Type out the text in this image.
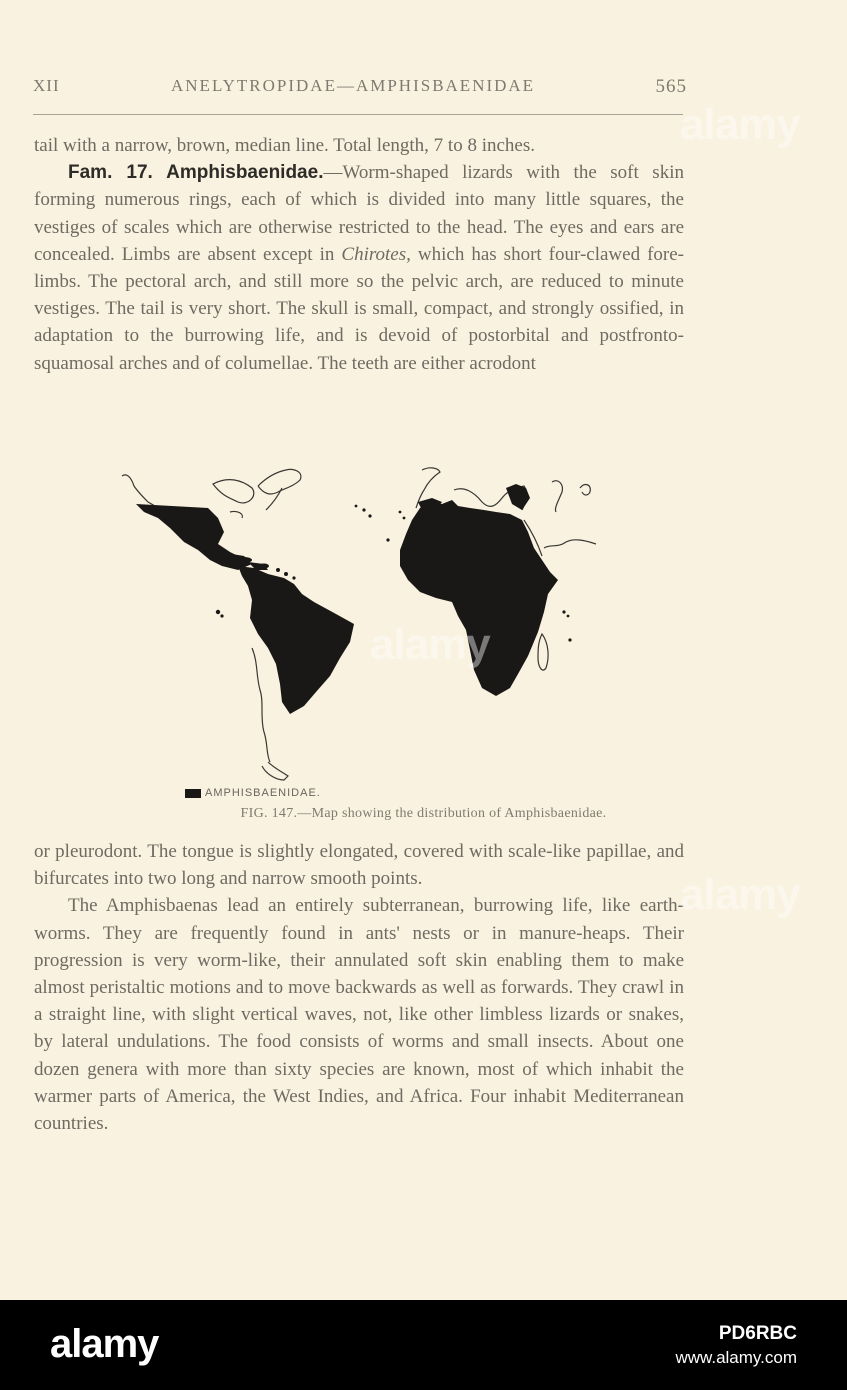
XII	ANELYTROPIDAE—AMPHISBAENIDAE	565

tail with a narrow, brown, median line. Total length, 7 to 8 inches.

Fam. 17. Amphisbaenidae.—Worm-shaped lizards with the soft skin forming numerous rings, each of which is divided into many little squares, the vestiges of scales which are otherwise restricted to the head. The eyes and ears are concealed. Limbs are absent except in Chirotes, which has short four-clawed fore-limbs. The pectoral arch, and still more so the pelvic arch, are reduced to minute vestiges. The tail is very short. The skull is small, compact, and strongly ossified, in adaptation to the burrowing life, and is devoid of postorbital and postfronto-squamosal arches and of columellae. The teeth are either acrodont

AMPHISBAENIDAE.
FIG. 147.—Map showing the distribution of Amphisbaenidae.

or pleurodont. The tongue is slightly elongated, covered with scale-like papillae, and bifurcates into two long and narrow smooth points.

The Amphisbaenas lead an entirely subterranean, burrowing life, like earth-worms. They are frequently found in ants' nests or in manure-heaps. Their progression is very worm-like, their annulated soft skin enabling them to make almost peristaltic motions and to move backwards as well as forwards. They crawl in a straight line, with slight vertical waves, not, like other limbless lizards or snakes, by lateral undulations. The food consists of worms and small insects. About one dozen genera with more than sixty species are known, most of which inhabit the warmer parts of America, the West Indies, and Africa. Four inhabit Mediterranean countries.

alamy
alamy
alamy
alamy	PD6RBC
www.alamy.com
